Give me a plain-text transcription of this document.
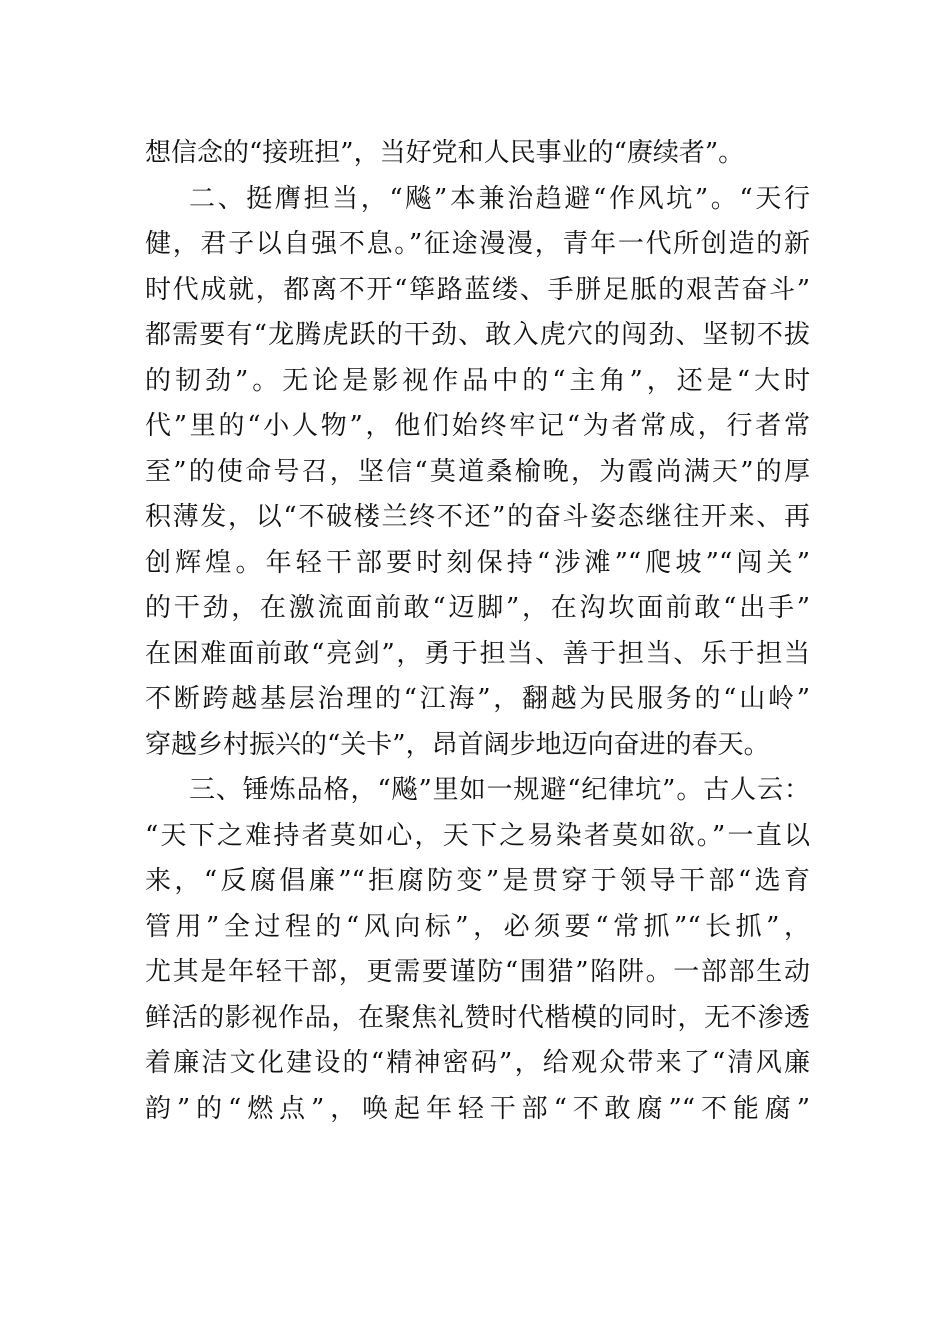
想信念的“接班担”，当好党和人民事业的“赓续者”。
二、挺膺担当，“飚”本兼治趋避“作风坑”。“天行
健，君子以自强不息。”征途漫漫，青年一代所创造的新
时代成就，都离不开“筚路蓝缕、手胼足胝的艰苦奋斗”
都需要有“龙腾虎跃的干劲、敢入虎穴的闯劲、坚韧不拔
的韧劲”。无论是影视作品中的“主角”，还是“大时
代”里的“小人物”，他们始终牢记“为者常成，行者常
至”的使命号召，坚信“莫道桑榆晚，为霞尚满天”的厚
积薄发，以“不破楼兰终不还”的奋斗姿态继往开来、再
创辉煌。年轻干部要时刻保持“涉滩”“爬坡”“闯关”
的干劲，在激流面前敢“迈脚”，在沟坎面前敢“出手”
在困难面前敢“亮剑”，勇于担当、善于担当、乐于担当
不断跨越基层治理的“江海”，翻越为民服务的“山岭”
穿越乡村振兴的“关卡”，昂首阔步地迈向奋进的春天。
三、锤炼品格，“飚”里如一规避“纪律坑”。古人云：
“天下之难持者莫如心，天下之易染者莫如欲。”一直以
来，“反腐倡廉”“拒腐防变”是贯穿于领导干部“选育
管用”全过程的“风向标”，必须要“常抓”“长抓”，
尤其是年轻干部，更需要谨防“围猎”陷阱。一部部生动
鲜活的影视作品，在聚焦礼赞时代楷模的同时，无不渗透
着廉洁文化建设的“精神密码”，给观众带来了“清风廉
韵”的“燃点”，唤起年轻干部“不敢腐”“不能腐”
